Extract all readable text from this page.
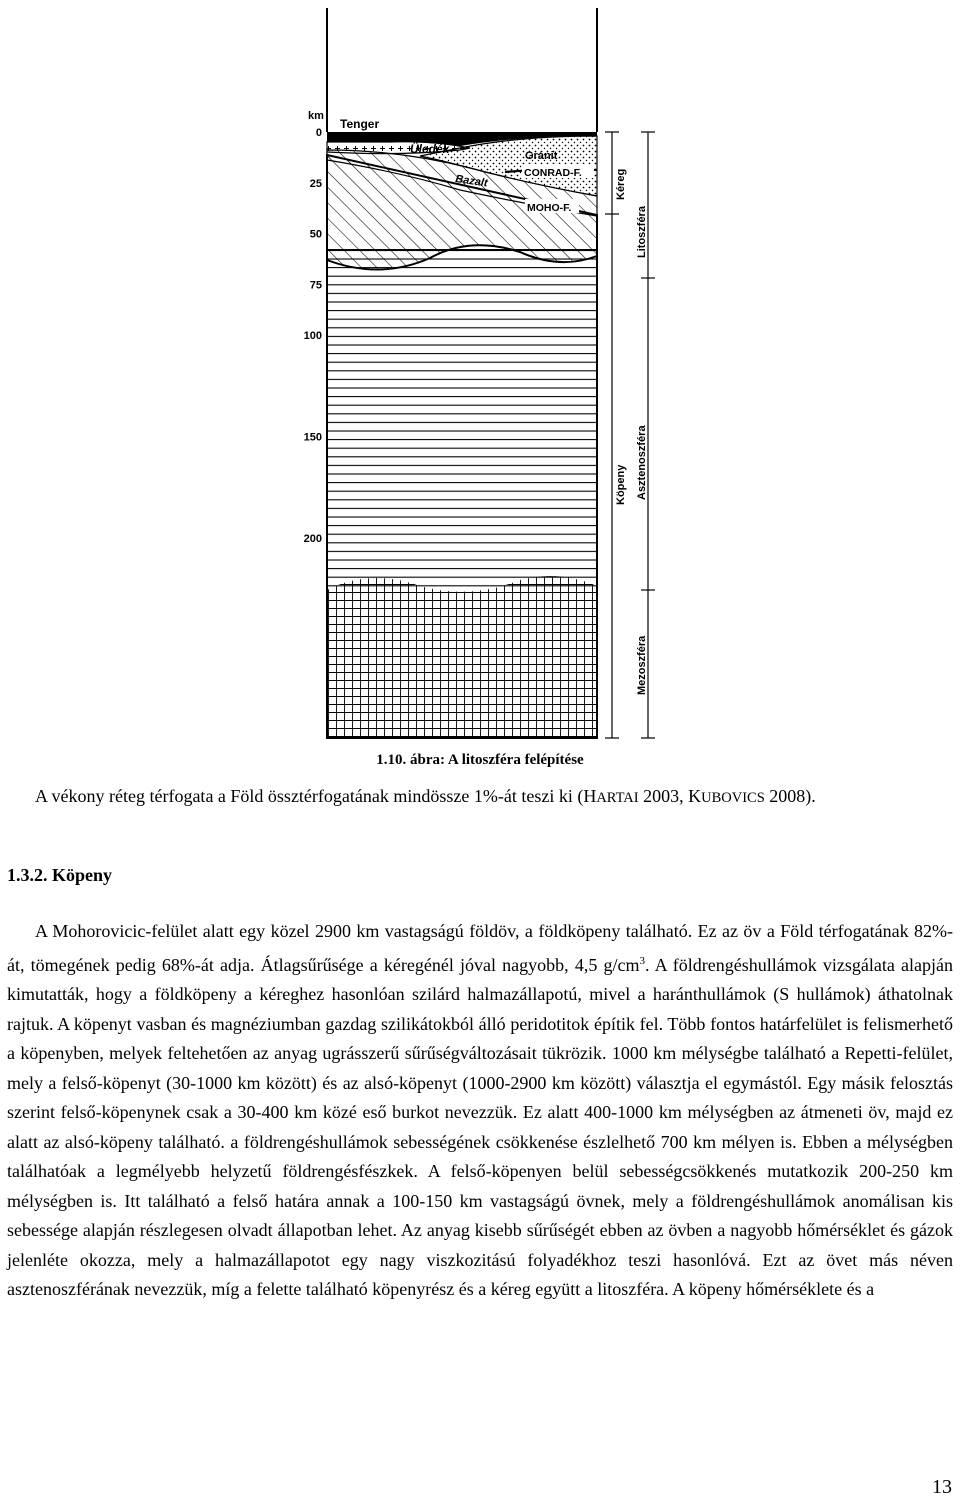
km
0
25
50
75
100
150
200
Tenger
Üledék	Gránit
Bazalt
CONRAD-F.
MOHO-F.
Kéreg
Litoszféra
Köpeny Asztenoszféra
Mezoszféra
1.10. ábra: A litoszféra felépítése

A vékony réteg térfogata a Föld össztérfogatának mindössze 1%-át teszi ki (HARTAI 2003, KUBOVICS 2008).

1.3.2. Köpeny

A Mohorovicic-felület alatt egy közel 2900 km vastagságú földöv, a földköpeny található. Ez az öv a Föld térfogatának 82%-át, tömegének pedig 68%-át adja. Átlagsűrűsége a kéregénél jóval nagyobb, 4,5 $g/cm^3$. A földrengéshullámok vizsgálata alapján kimutatták, hogy a földköpeny a kéreghez hasonlóan szilárd halmazállapotú, mivel a haránthullámok (S hullámok) áthatolnak rajtuk. A köpenyt vasban és magnéziumban gazdag szilikátokból álló peridotitok építik fel. Több fontos határfelület is felismerhető a köpenyben, melyek feltehetően az anyag ugrásszerű sűrűségváltozásait tükrözik. 1000 km mélységbe található a Repetti-felület, mely a felső-köpenyt (30-1000 km között) és az alsó-köpenyt (1000-2900 km között) választja el egymástól. Egy másik felosztás szerint felső-köpenynek csak a 30-400 km közé eső burkot nevezzük. Ez alatt 400-1000 km mélységben az átmeneti öv, majd ez alatt az alsó-köpeny található. a földrengéshullámok sebességének csökkenése észlelhető 700 km mélyen is. Ebben a mélységben találhatóak a legmélyebb helyzetű földrengésfészkek. A felső-köpenyen belül sebességcsökkenés mutatkozik 200-250 km mélységben is. Itt található a felső határa annak a 100-150 km vastagságú övnek, mely a földrengéshullámok anomálisan kis sebessége alapján részlegesen olvadt állapotban lehet. Az anyag kisebb sűrűségét ebben az övben a nagyobb hőmérséklet és gázok jelenléte okozza, mely a halmazállapotot egy nagy viszkozitású folyadékhoz teszi hasonlóvá. Ezt az övet más néven asztenoszférának nevezzük, míg a felette található köpenyrész és a kéreg együtt a litoszféra. A köpeny hőmérséklete és a

13
